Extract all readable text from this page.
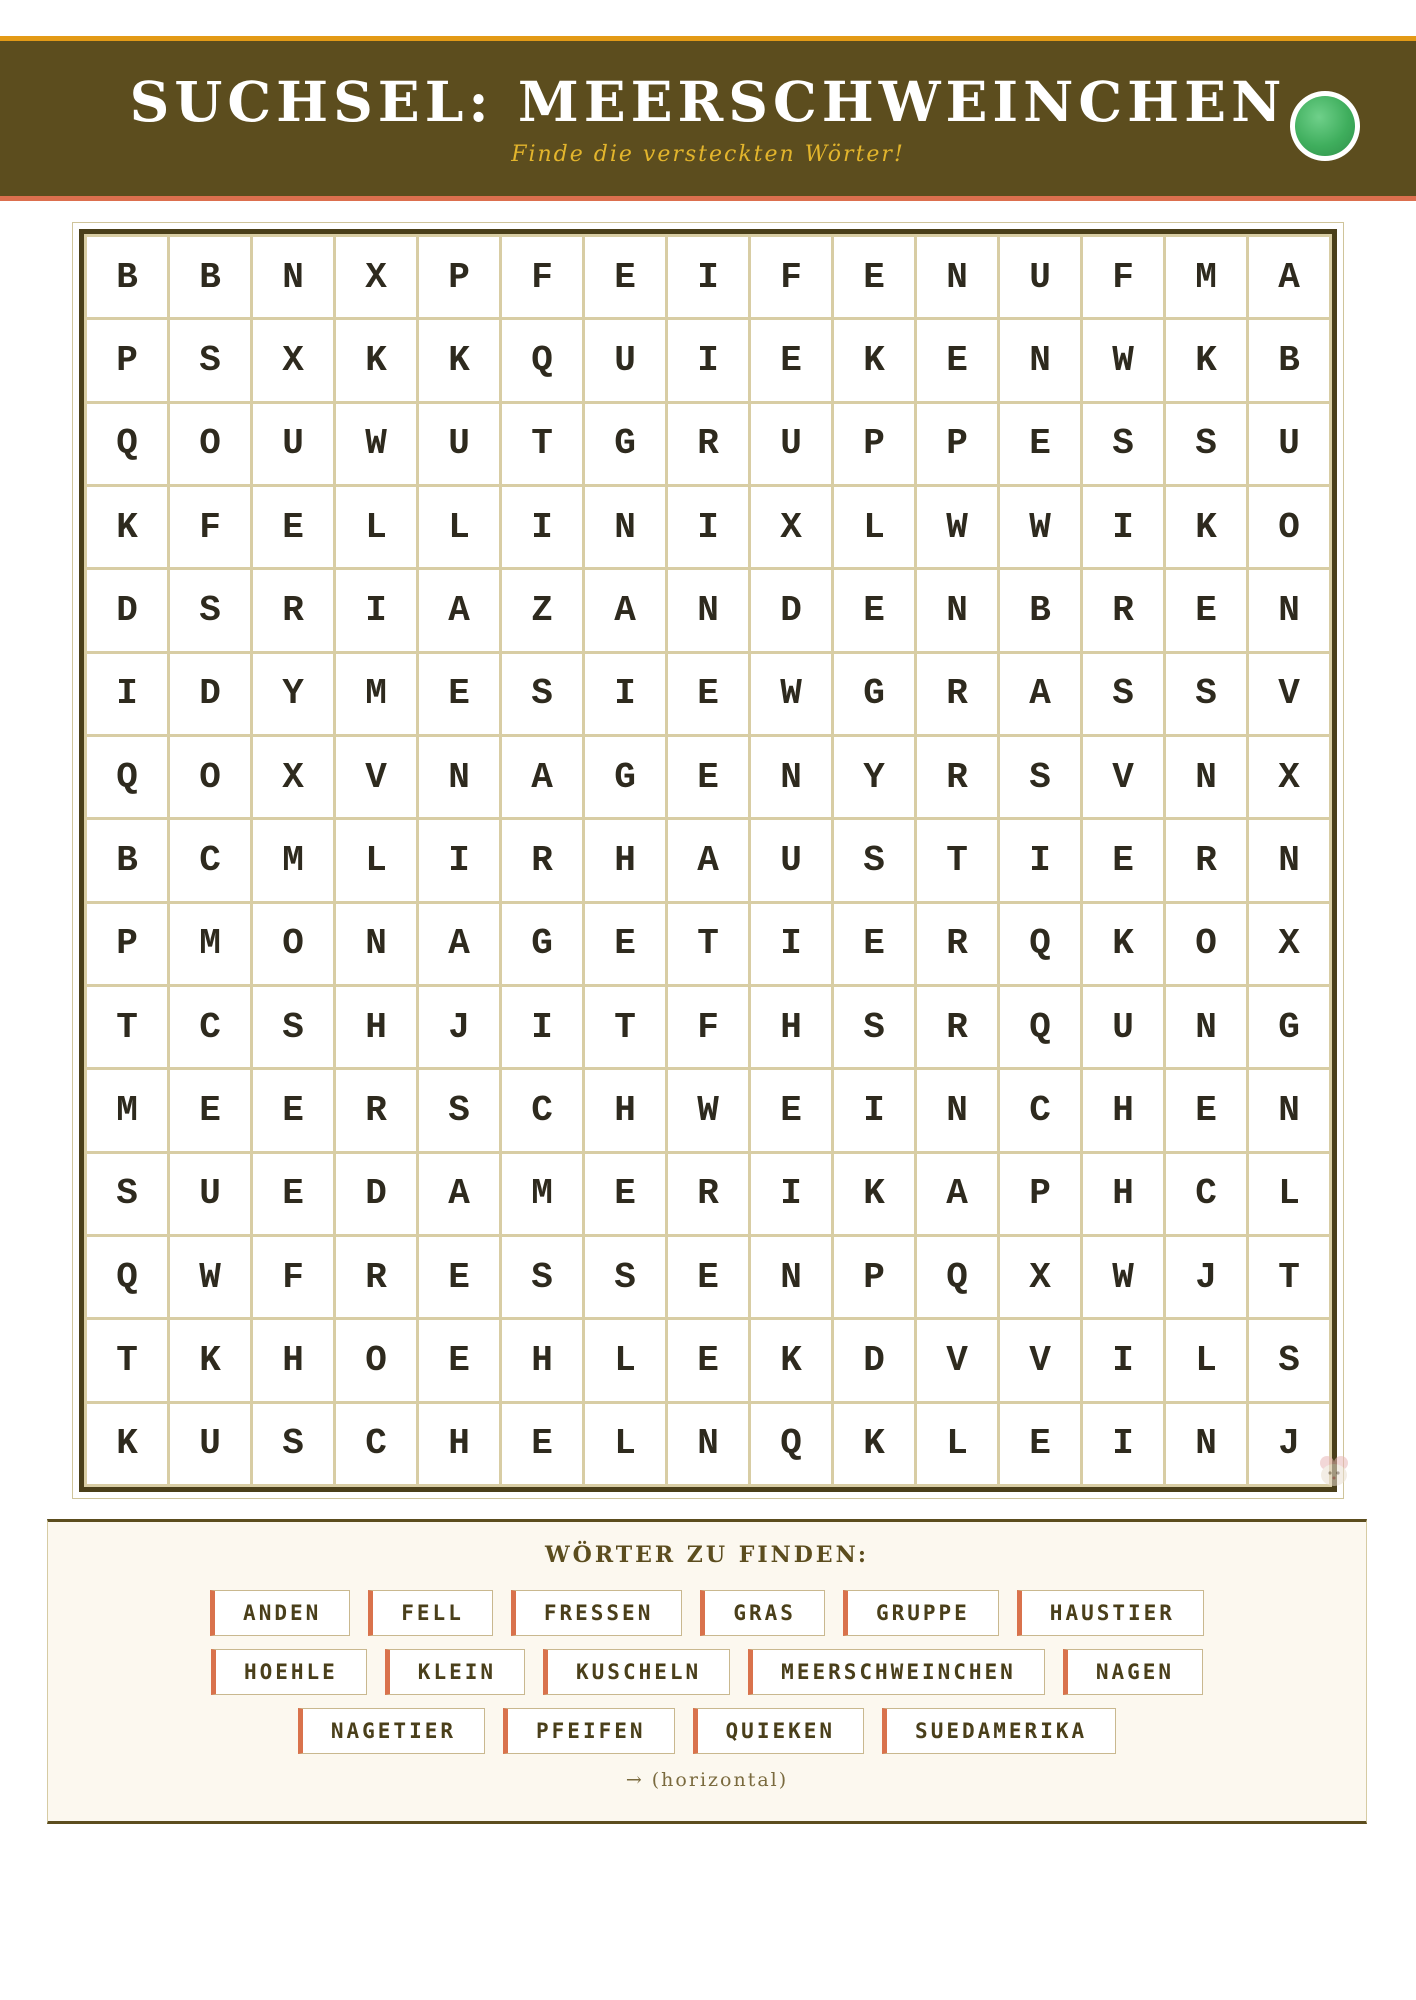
SUCHSEL: MEERSCHWEINCHEN
Finde die versteckten Wörter!
B	B	N	X	P	F	E	I	F	E	N	U	F	M	A
P	S	X	K	K	Q	U	I	E	K	E	N	W	K	B
Q	O	U	W	U	T	G	R	U	P	P	E	S	S	U
K	F	E	L	L	I	N	I	X	L	W	W	I	K	O
D	S	R	I	A	Z	A	N	D	E	N	B	R	E	N
I	D	Y	M	E	S	I	E	W	G	R	A	S	S	V
Q	O	X	V	N	A	G	E	N	Y	R	S	V	N	X
B	C	M	L	I	R	H	A	U	S	T	I	E	R	N
P	M	O	N	A	G	E	T	I	E	R	Q	K	O	X
T	C	S	H	J	I	T	F	H	S	R	Q	U	N	G
M	E	E	R	S	C	H	W	E	I	N	C	H	E	N
S	U	E	D	A	M	E	R	I	K	A	P	H	C	L
Q	W	F	R	E	S	S	E	N	P	Q	X	W	J	T
T	K	H	O	E	H	L	E	K	D	V	V	I	L	S
K	U	S	C	H	E	L	N	Q	K	L	E	I	N	J
WÖRTER ZU FINDEN:
ANDEN	FELL	FRESSEN	GRAS	GRUPPE	HAUSTIER
HOEHLE	KLEIN	KUSCHELN	MEERSCHWEINCHEN	NAGEN
NAGETIER	PFEIFEN	QUIEKEN	SUEDAMERIKA
→ (horizontal)
